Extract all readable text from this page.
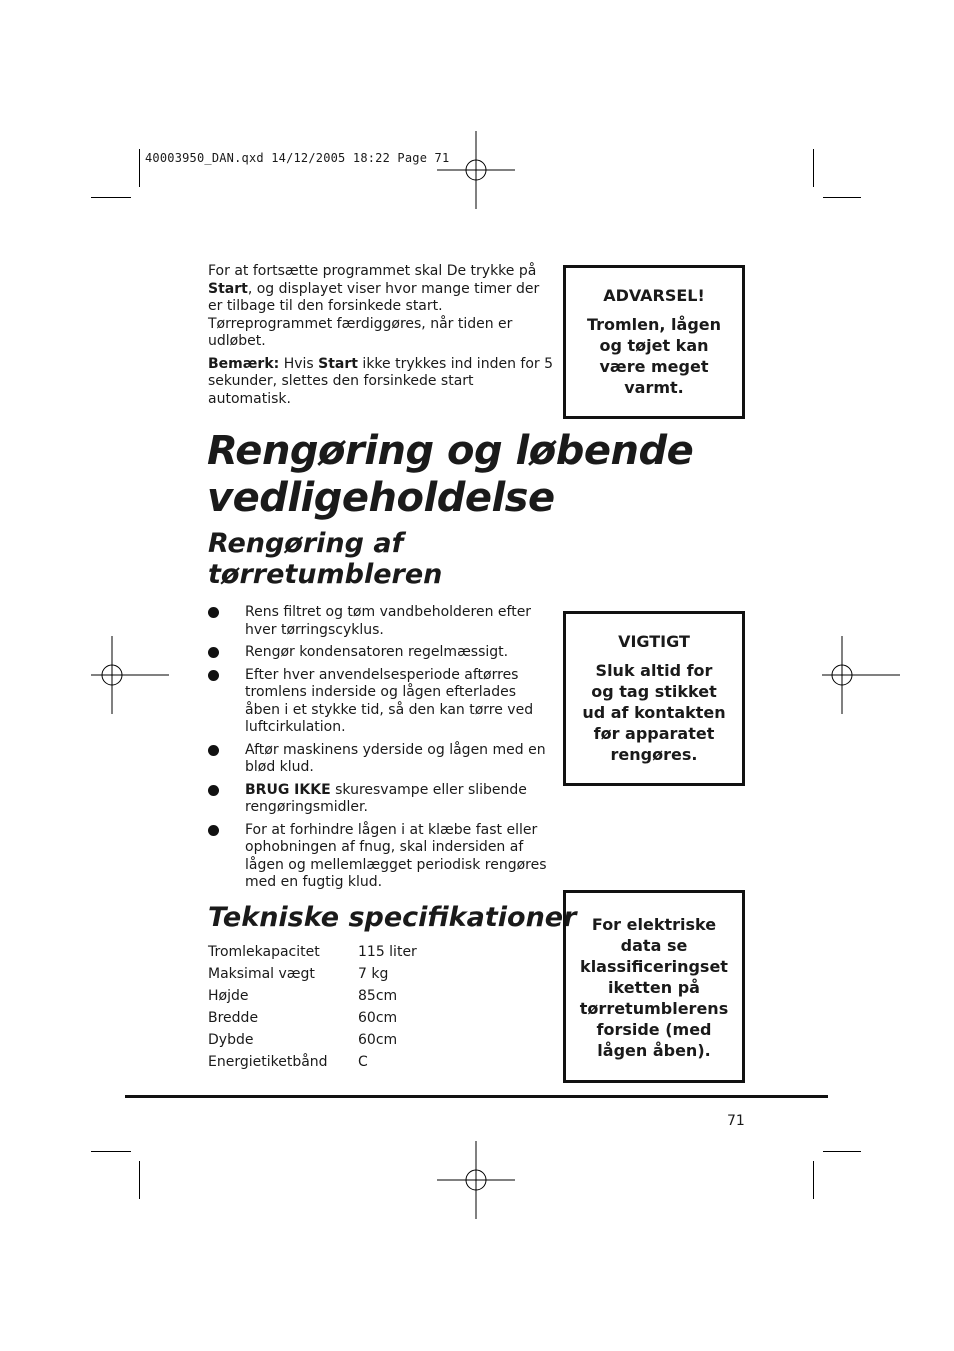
40003950_DAN.qxd 14/12/2005 18:22 Page 71

For at fortsætte programmet skal De trykke på Start, og displayet viser hvor mange timer der er tilbage til den forsinkede start. Tørreprogrammet færdiggøres, når tiden er udløbet.

Bemærk: Hvis Start ikke trykkes ind inden for 5 sekunder, slettes den forsinkede start automatisk.

ADVARSEL!
Tromlen, lågen og tøjet kan være meget varmt.
Rengøring og løbende
vedligeholdelse
Rengøring af
tørretumbleren
Rens filtret og tøm vandbeholderen efter hver tørringscyklus.
Rengør kondensatoren regelmæssigt.
Efter hver anvendelsesperiode aftørres tromlens inderside og lågen efterlades åben i et stykke tid, så den kan tørre ved luftcirkulation.
Aftør maskinens yderside og lågen med en blød klud.
BRUG IKKE skuresvampe eller slibende rengøringsmidler.
For at forhindre lågen i at klæbe fast eller ophobningen af fnug, skal indersiden af lågen og mellemlægget periodisk rengøres med en fugtig klud.
VIGTIGT
Sluk altid for og tag stikket ud af kontakten før apparatet rengøres.
Tekniske specifikationer
Tromlekapacitet	115 liter
Maksimal vægt	7 kg
Højde	85cm
Bredde	60cm
Dybde	60cm
Energietiketbånd	C
For elektriske data se klassificeringsetiketten på tørretumblerens forside (med lågen åben).
71
